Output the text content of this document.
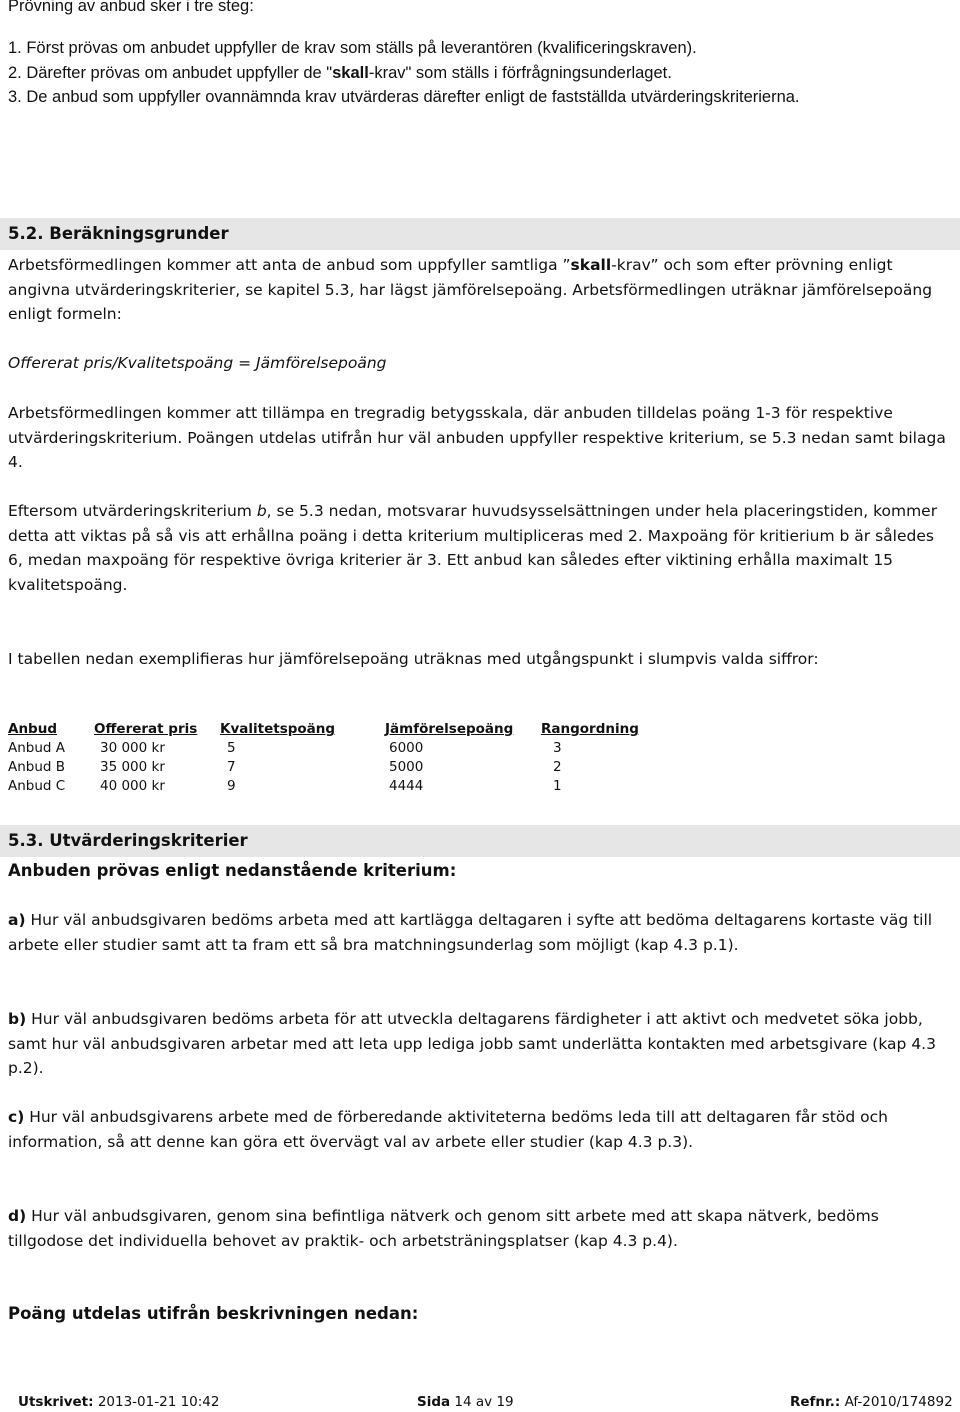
Prövning av anbud sker i tre steg:
1. Först prövas om anbudet uppfyller de krav som ställs på leverantören (kvalificeringskraven).
2. Därefter prövas om anbudet uppfyller de "skall-krav" som ställs i förfrågningsunderlaget.
3. De anbud som uppfyller ovannämnda krav utvärderas därefter enligt de fastställda utvärderingskriterierna.
5.2. Beräkningsgrunder

Arbetsförmedlingen kommer att anta de anbud som uppfyller samtliga ”skall-krav” och som efter prövning enligt angivna utvärderingskriterier, se kapitel 5.3, har lägst jämförelsepoäng. Arbetsförmedlingen uträknar jämförelsepoäng enligt formeln:

Offererat pris/Kvalitetspoäng = Jämförelsepoäng

Arbetsförmedlingen kommer att tillämpa en tregradig betygsskala, där anbuden tilldelas poäng 1-3 för respektive utvärderingskriterium. Poängen utdelas utifrån hur väl anbuden uppfyller respektive kriterium, se 5.3 nedan samt bilaga 4.

Eftersom utvärderingskriterium b, se 5.3 nedan, motsvarar huvudsysselsättningen under hela placeringstiden, kommer detta att viktas på så vis att erhållna poäng i detta kriterium multipliceras med 2. Maxpoäng för kritierium b är således 6, medan maxpoäng för respektive övriga kriterier är 3. Ett anbud kan således efter viktining erhålla maximalt 15 kvalitetspoäng.

I tabellen nedan exemplifieras hur jämförelsepoäng uträknas med utgångspunkt i slumpvis valda siffror:

Anbud	Offererat pris	Kvalitetspoäng	Jämförelsepoäng	Rangordning
Anbud A	30 000 kr	5	6000	3
Anbud B	35 000 kr	7	5000	2
Anbud C	40 000 kr	9	4444	1
5.3. Utvärderingskriterier

Anbuden prövas enligt nedanstående kriterium:

a) Hur väl anbudsgivaren bedöms arbeta med att kartlägga deltagaren i syfte att bedöma deltagarens kortaste väg till arbete eller studier samt att ta fram ett så bra matchningsunderlag som möjligt (kap 4.3 p.1).

b) Hur väl anbudsgivaren bedöms arbeta för att utveckla deltagarens färdigheter i att aktivt och medvetet söka jobb, samt hur väl anbudsgivaren arbetar med att leta upp lediga jobb samt underlätta kontakten med arbetsgivare (kap 4.3 p.2).

c) Hur väl anbudsgivarens arbete med de förberedande aktiviteterna bedöms leda till att deltagaren får stöd och information, så att denne kan göra ett övervägt val av arbete eller studier (kap 4.3 p.3).

d) Hur väl anbudsgivaren, genom sina befintliga nätverk och genom sitt arbete med att skapa nätverk, bedöms tillgodose det individuella behovet av praktik- och arbetsträningsplatser (kap 4.3 p.4).

Poäng utdelas utifrån beskrivningen nedan:

Utskrivet: 2013-01-21 10:42	Sida 14 av 19	Refnr.: Af-2010/174892
